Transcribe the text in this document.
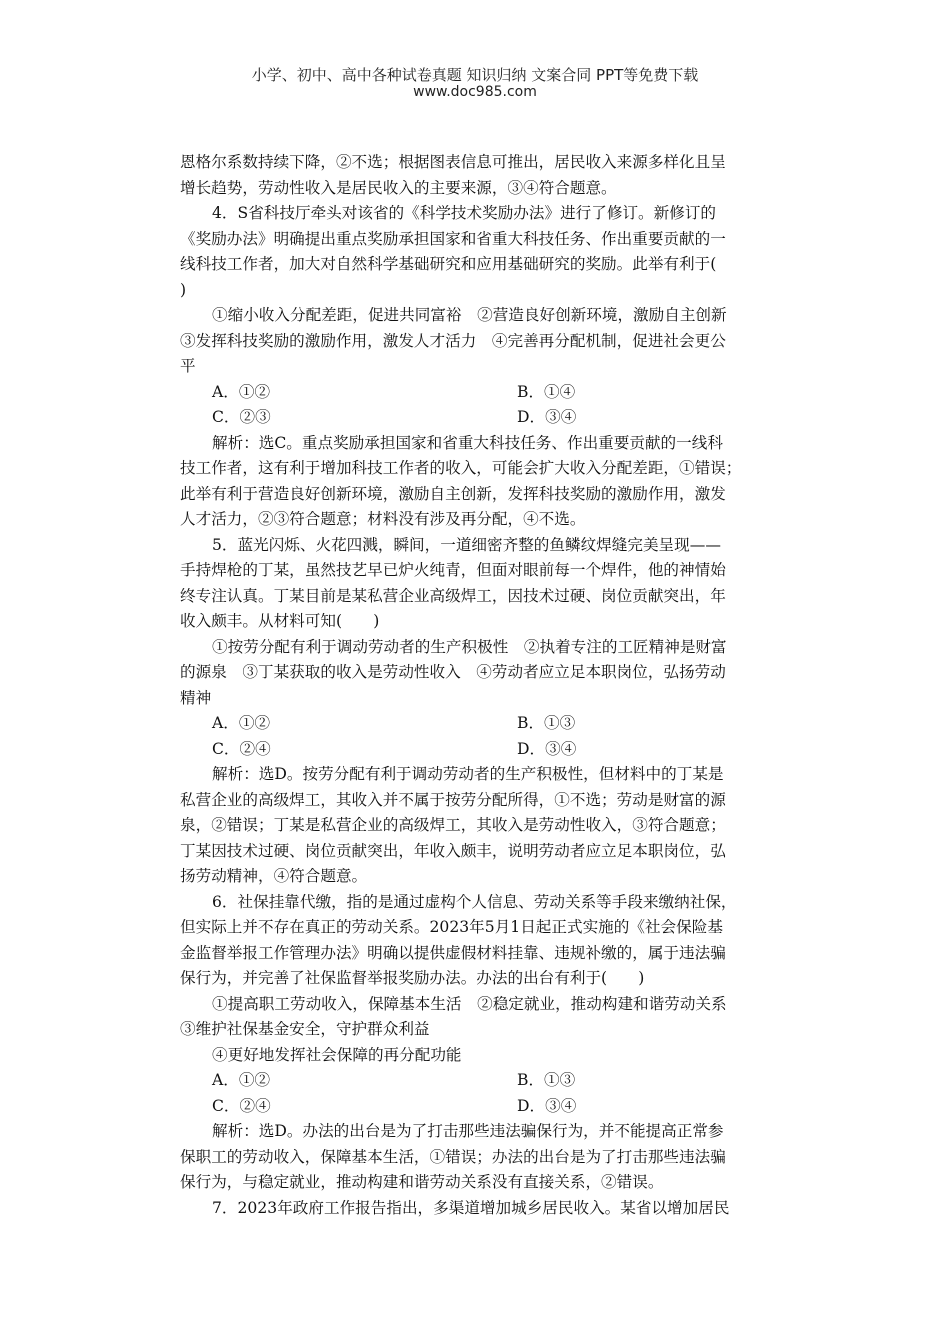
小学、初中、高中各种试卷真题 知识归纳 文案合同 PPT等免费下载
www.doc985.com
恩格尔系数持续下降，②不选；根据图表信息可推出，居民收入来源多样化且呈
增长趋势，劳动性收入是居民收入的主要来源，③④符合题意。
4．S省科技厅牵头对该省的《科学技术奖励办法》进行了修订。新修订的
《奖励办法》明确提出重点奖励承担国家和省重大科技任务、作出重要贡献的一
线科技工作者，加大对自然科学基础研究和应用基础研究的奖励。此举有利于(
)
①缩小收入分配差距，促进共同富裕　②营造良好创新环境，激励自主创新
③发挥科技奖励的激励作用，激发人才活力　④完善再分配机制，促进社会更公
平
A．①②	B．①④
C．②③	D．③④
解析：选C。重点奖励承担国家和省重大科技任务、作出重要贡献的一线科
技工作者，这有利于增加科技工作者的收入，可能会扩大收入分配差距，①错误；
此举有利于营造良好创新环境，激励自主创新，发挥科技奖励的激励作用，激发
人才活力，②③符合题意；材料没有涉及再分配，④不选。
5．蓝光闪烁、火花四溅，瞬间，一道细密齐整的鱼鳞纹焊缝完美呈现——
手持焊枪的丁某，虽然技艺早已炉火纯青，但面对眼前每一个焊件，他的神情始
终专注认真。丁某目前是某私营企业高级焊工，因技术过硬、岗位贡献突出，年
收入颇丰。从材料可知(　　)
①按劳分配有利于调动劳动者的生产积极性　②执着专注的工匠精神是财富
的源泉　③丁某获取的收入是劳动性收入　④劳动者应立足本职岗位，弘扬劳动
精神
A．①②	B．①③
C．②④	D．③④
解析：选D。按劳分配有利于调动劳动者的生产积极性，但材料中的丁某是
私营企业的高级焊工，其收入并不属于按劳分配所得，①不选；劳动是财富的源
泉，②错误；丁某是私营企业的高级焊工，其收入是劳动性收入，③符合题意；
丁某因技术过硬、岗位贡献突出，年收入颇丰，说明劳动者应立足本职岗位，弘
扬劳动精神，④符合题意。
6．社保挂靠代缴，指的是通过虚构个人信息、劳动关系等手段来缴纳社保，
但实际上并不存在真正的劳动关系。2023年5月1日起正式实施的《社会保险基
金监督举报工作管理办法》明确以提供虚假材料挂靠、违规补缴的，属于违法骗
保行为，并完善了社保监督举报奖励办法。办法的出台有利于(　　)
①提高职工劳动收入，保障基本生活　②稳定就业，推动构建和谐劳动关系
③维护社保基金安全，守护群众利益
④更好地发挥社会保障的再分配功能
A．①②	B．①③
C．②④	D．③④
解析：选D。办法的出台是为了打击那些违法骗保行为，并不能提高正常参
保职工的劳动收入，保障基本生活，①错误；办法的出台是为了打击那些违法骗
保行为，与稳定就业，推动构建和谐劳动关系没有直接关系，②错误。
7．2023年政府工作报告指出，多渠道增加城乡居民收入。某省以增加居民
